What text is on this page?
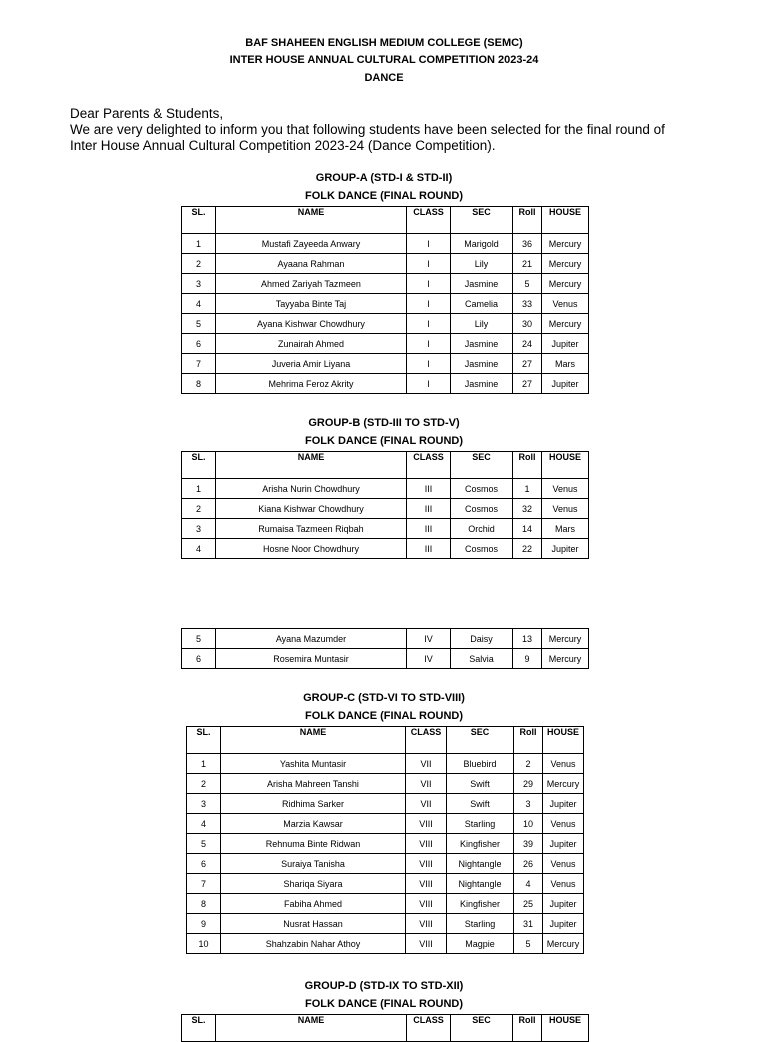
BAF SHAHEEN ENGLISH MEDIUM COLLEGE (SEMC)
INTER HOUSE ANNUAL CULTURAL COMPETITION 2023-24
DANCE
Dear Parents & Students,
We are very delighted to inform you that following students have been selected for the final round of
Inter House Annual Cultural Competition 2023-24 (Dance Competition).
GROUP-A (STD-I & STD-II)
FOLK DANCE (FINAL ROUND)
SL.	NAME	CLASS	SEC	Roll	HOUSE
1	Mustafi Zayeeda Anwary	I	Marigold	36	Mercury
2	Ayaana Rahman	I	Lily	21	Mercury
3	Ahmed Zariyah Tazmeen	I	Jasmine	5	Mercury
4	Tayyaba Binte Taj	I	Camelia	33	Venus
5	Ayana Kishwar Chowdhury	I	Lily	30	Mercury
6	Zunairah Ahmed	I	Jasmine	24	Jupiter
7	Juveria Amir Liyana	I	Jasmine	27	Mars
8	Mehrima Feroz Akrity	I	Jasmine	27	Jupiter
GROUP-B (STD-III TO STD-V)
FOLK DANCE (FINAL ROUND)
SL.	NAME	CLASS	SEC	Roll	HOUSE
1	Arisha Nurin Chowdhury	III	Cosmos	1	Venus
2	Kiana Kishwar Chowdhury	III	Cosmos	32	Venus
3	Rumaisa Tazmeen Riqbah	III	Orchid	14	Mars
4	Hosne Noor Chowdhury	III	Cosmos	22	Jupiter
5	Ayana Mazumder	IV	Daisy	13	Mercury
6	Rosemira Muntasir	IV	Salvia	9	Mercury
GROUP-C (STD-VI TO STD-VIII)
FOLK DANCE (FINAL ROUND)
SL.	NAME	CLASS	SEC	Roll	HOUSE
1	Yashita Muntasir	VII	Bluebird	2	Venus
2	Arisha Mahreen Tanshi	VII	Swift	29	Mercury
3	Ridhima Sarker	VII	Swift	3	Jupiter
4	Marzia Kawsar	VIII	Starling	10	Venus
5	Rehnuma Binte Ridwan	VIII	Kingfisher	39	Jupiter
6	Suraiya Tanisha	VIII	Nightangle	26	Venus
7	Shariqa Siyara	VIII	Nightangle	4	Venus
8	Fabiha Ahmed	VIII	Kingfisher	25	Jupiter
9	Nusrat Hassan	VIII	Starling	31	Jupiter
10	Shahzabin Nahar Athoy	VIII	Magpie	5	Mercury
GROUP-D (STD-IX TO STD-XII)
FOLK DANCE (FINAL ROUND)
SL.	NAME	CLASS	SEC	Roll	HOUSE
